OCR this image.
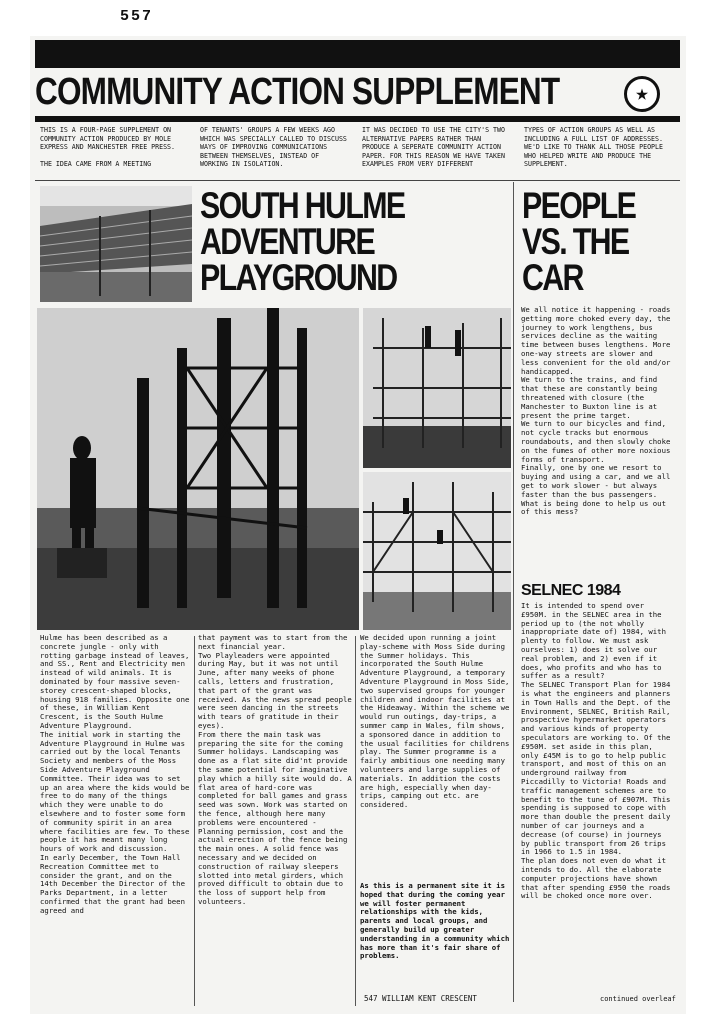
557
COMMUNITY ACTION SUPPLEMENT	★
THIS IS A FOUR-PAGE SUPPLEMENT ON COMMUNITY ACTION PRODUCED BY MOLE EXPRESS AND MANCHESTER FREE PRESS.

THE IDEA CAME FROM A MEETING
OF TENANTS' GROUPS A FEW WEEKS AGO WHICH WAS SPECIALLY CALLED TO DISCUSS WAYS OF IMPROVING COMMUNICATIONS BETWEEN THEMSELVES, INSTEAD OF WORKING IN ISOLATION.
IT WAS DECIDED TO USE THE CITY'S TWO ALTERNATIVE PAPERS RATHER THAN PRODUCE A SEPERATE COMMUNITY ACTION PAPER. FOR THIS REASON WE HAVE TAKEN EXAMPLES FROM VERY DIFFERENT
TYPES OF ACTION GROUPS AS WELL AS INCLUDING A FULL LIST OF ADDRESSES. WE'D LIKE TO THANK ALL THOSE PEOPLE WHO HELPED WRITE AND PRODUCE THE SUPPLEMENT.
SOUTH HULME
ADVENTURE
PLAYGROUND
PEOPLE
VS. THE
CAR
Hulme has been described as a concrete jungle - only with rotting garbage instead of leaves, and SS., Rent and Electricity men instead of wild animals. It is dominated by four massive seven-storey crescent-shaped blocks, housing 918 families. Opposite one of these, in William Kent Crescent, is the South Hulme Adventure Playground.
The initial work in starting the Adventure Playground in Hulme was carried out by the local Tenants Society and members of the Moss Side Adventure Playground Committee. Their idea was to set up an area where the kids would be free to do many of the things which they were unable to do elsewhere and to foster some form of community spirit in an area where facilities are few. To these people it has meant many long hours of work and discussion.
In early December, the Town Hall Recreation Committee met to consider the grant, and on the 14th December the Director of the Parks Department, in a letter confirmed that the grant had been agreed and
that payment was to start from the next financial year.
Two Playleaders were appointed during May, but it was not until June, after many weeks of phone calls, letters and frustration, that part of the grant was received. As the news spread people were seen dancing in the streets with tears of gratitude in their eyes).
From there the main task was preparing the site for the coming Summer holidays. Landscaping was done as a flat site did'nt provide the same potential for imaginative play which a hilly site would do. A flat area of hard-core was completed for ball games and grass seed was sown. Work was started on the fence, although here many problems were encountered - Planning permission, cost and the actual erection of the fence being the main ones. A solid fence was necessary and we decided on construction of railway sleepers slotted into metal girders, which proved difficult to obtain due to the loss of support help from volunteers.
We decided upon running a joint play-scheme with Moss Side during the Summer holidays. This incorporated the South Hulme Adventure Playground, a temporary Adventure Playground in Moss Side, two supervised groups for younger children and indoor facilities at the Hideaway. Within the scheme we would run outings, day-trips, a summer camp in Wales, film shows, a sponsored dance in addition to the usual facilities for childrens play. The Summer programme is a fairly ambitious one needing many volunteers and large supplies of materials. In addition the costs are high, especially when day-trips, camping out etc. are considered.
As this is a permanent site it is hoped that during the coming year we will foster permanent relationships with the kids, parents and local groups, and generally build up greater understanding in a community which has more than it's fair share of problems.
547 WILLIAM KENT CRESCENT
We all notice it happening - roads getting more choked every day, the journey to work lengthens, bus services decline as the waiting time between buses lengthens. More one-way streets are slower and less convenient for the old and/or handicapped.
We turn to the trains, and find that these are constantly being threatened with closure (the Manchester to Buxton line is at present the prime target.
We turn to our bicycles and find, not cycle tracks but enormous roundabouts, and then slowly choke on the fumes of other more noxious forms of transport.
Finally, one by one we resort to buying and using a car, and we all get to work slower - but always faster than the bus passengers.
What is being done to help us out of this mess?
SELNEC 1984
It is intended to spend over £950M. in the SELNEC area in the period up to (the not wholly inappropriate date of) 1984, with plenty to follow. We must ask ourselves: 1) does it solve our real problem, and 2) even if it does, who profits and who has to suffer as a result?
The SELNEC Transport Plan for 1984 is what the engineers and planners in Town Halls and the Dept. of the Environment, SELNEC, British Rail, prospective hypermarket operators and various kinds of property speculators are working to. Of the £950M. set aside in this plan, only £45M is to go to help public transport, and most of this on an underground railway from Piccadilly to Victoria! Roads and traffic management schemes are to benefit to the tune of £907M. This spending is supposed to cope with more than double the present daily number of car journeys and a decrease (of course) in journeys by public transport from 26 trips in 1966 to 1.5 in 1984.
The plan does not even do what it intends to do. All the elaborate computer projections have shown that after spending £950 the roads will be choked once more over.
continued overleaf
